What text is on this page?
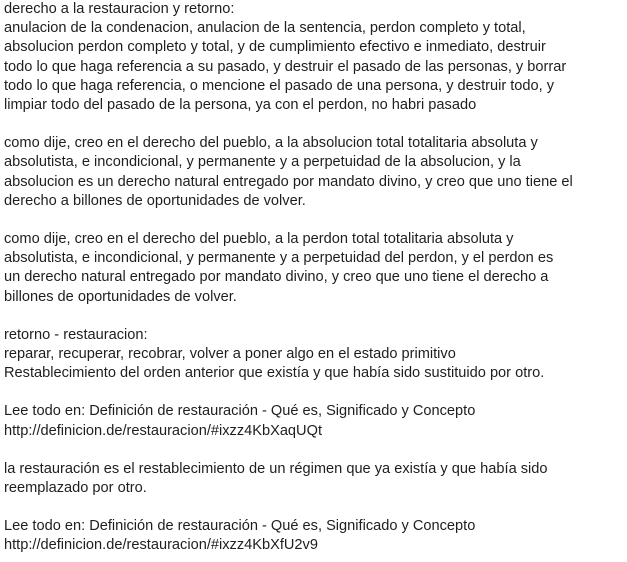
derecho a la restauracion y retorno:
anulacion de la condenacion, anulacion de la sentencia, perdon completo y total,
absolucion perdon completo y total, y de cumplimiento efectivo e inmediato, destruir
todo lo que haga referencia a su pasado, y destruir el pasado de las personas, y borrar
todo lo que haga referencia, o mencione el pasado de una persona, y destruir todo, y
limpiar todo del pasado de la persona, ya con el perdon, no habri pasado

como dije, creo en el derecho del pueblo, a la absolucion total totalitaria absoluta y
absolutista, e incondicional, y permanente y a perpetuidad de la absolucion, y la
absolucion es un derecho natural entregado por mandato divino, y creo que uno tiene el
derecho a billones de oportunidades de volver.

como dije, creo en el derecho del pueblo, a la perdon total totalitaria absoluta y
absolutista, e incondicional, y permanente y a perpetuidad del perdon, y el perdon es
un derecho natural entregado por mandato divino, y creo que uno tiene el derecho a
billones de oportunidades de volver.

retorno - restauracion:
reparar, recuperar, recobrar, volver a poner algo en el estado primitivo
Restablecimiento del orden anterior que existía y que había sido sustituido por otro.

Lee todo en: Definición de restauración - Qué es, Significado y Concepto
http://definicion.de/restauracion/#ixzz4KbXaqUQt

la restauración es el restablecimiento de un régimen que ya existía y que había sido
reemplazado por otro.

Lee todo en: Definición de restauración - Qué es, Significado y Concepto
http://definicion.de/restauracion/#ixzz4KbXfU2v9
